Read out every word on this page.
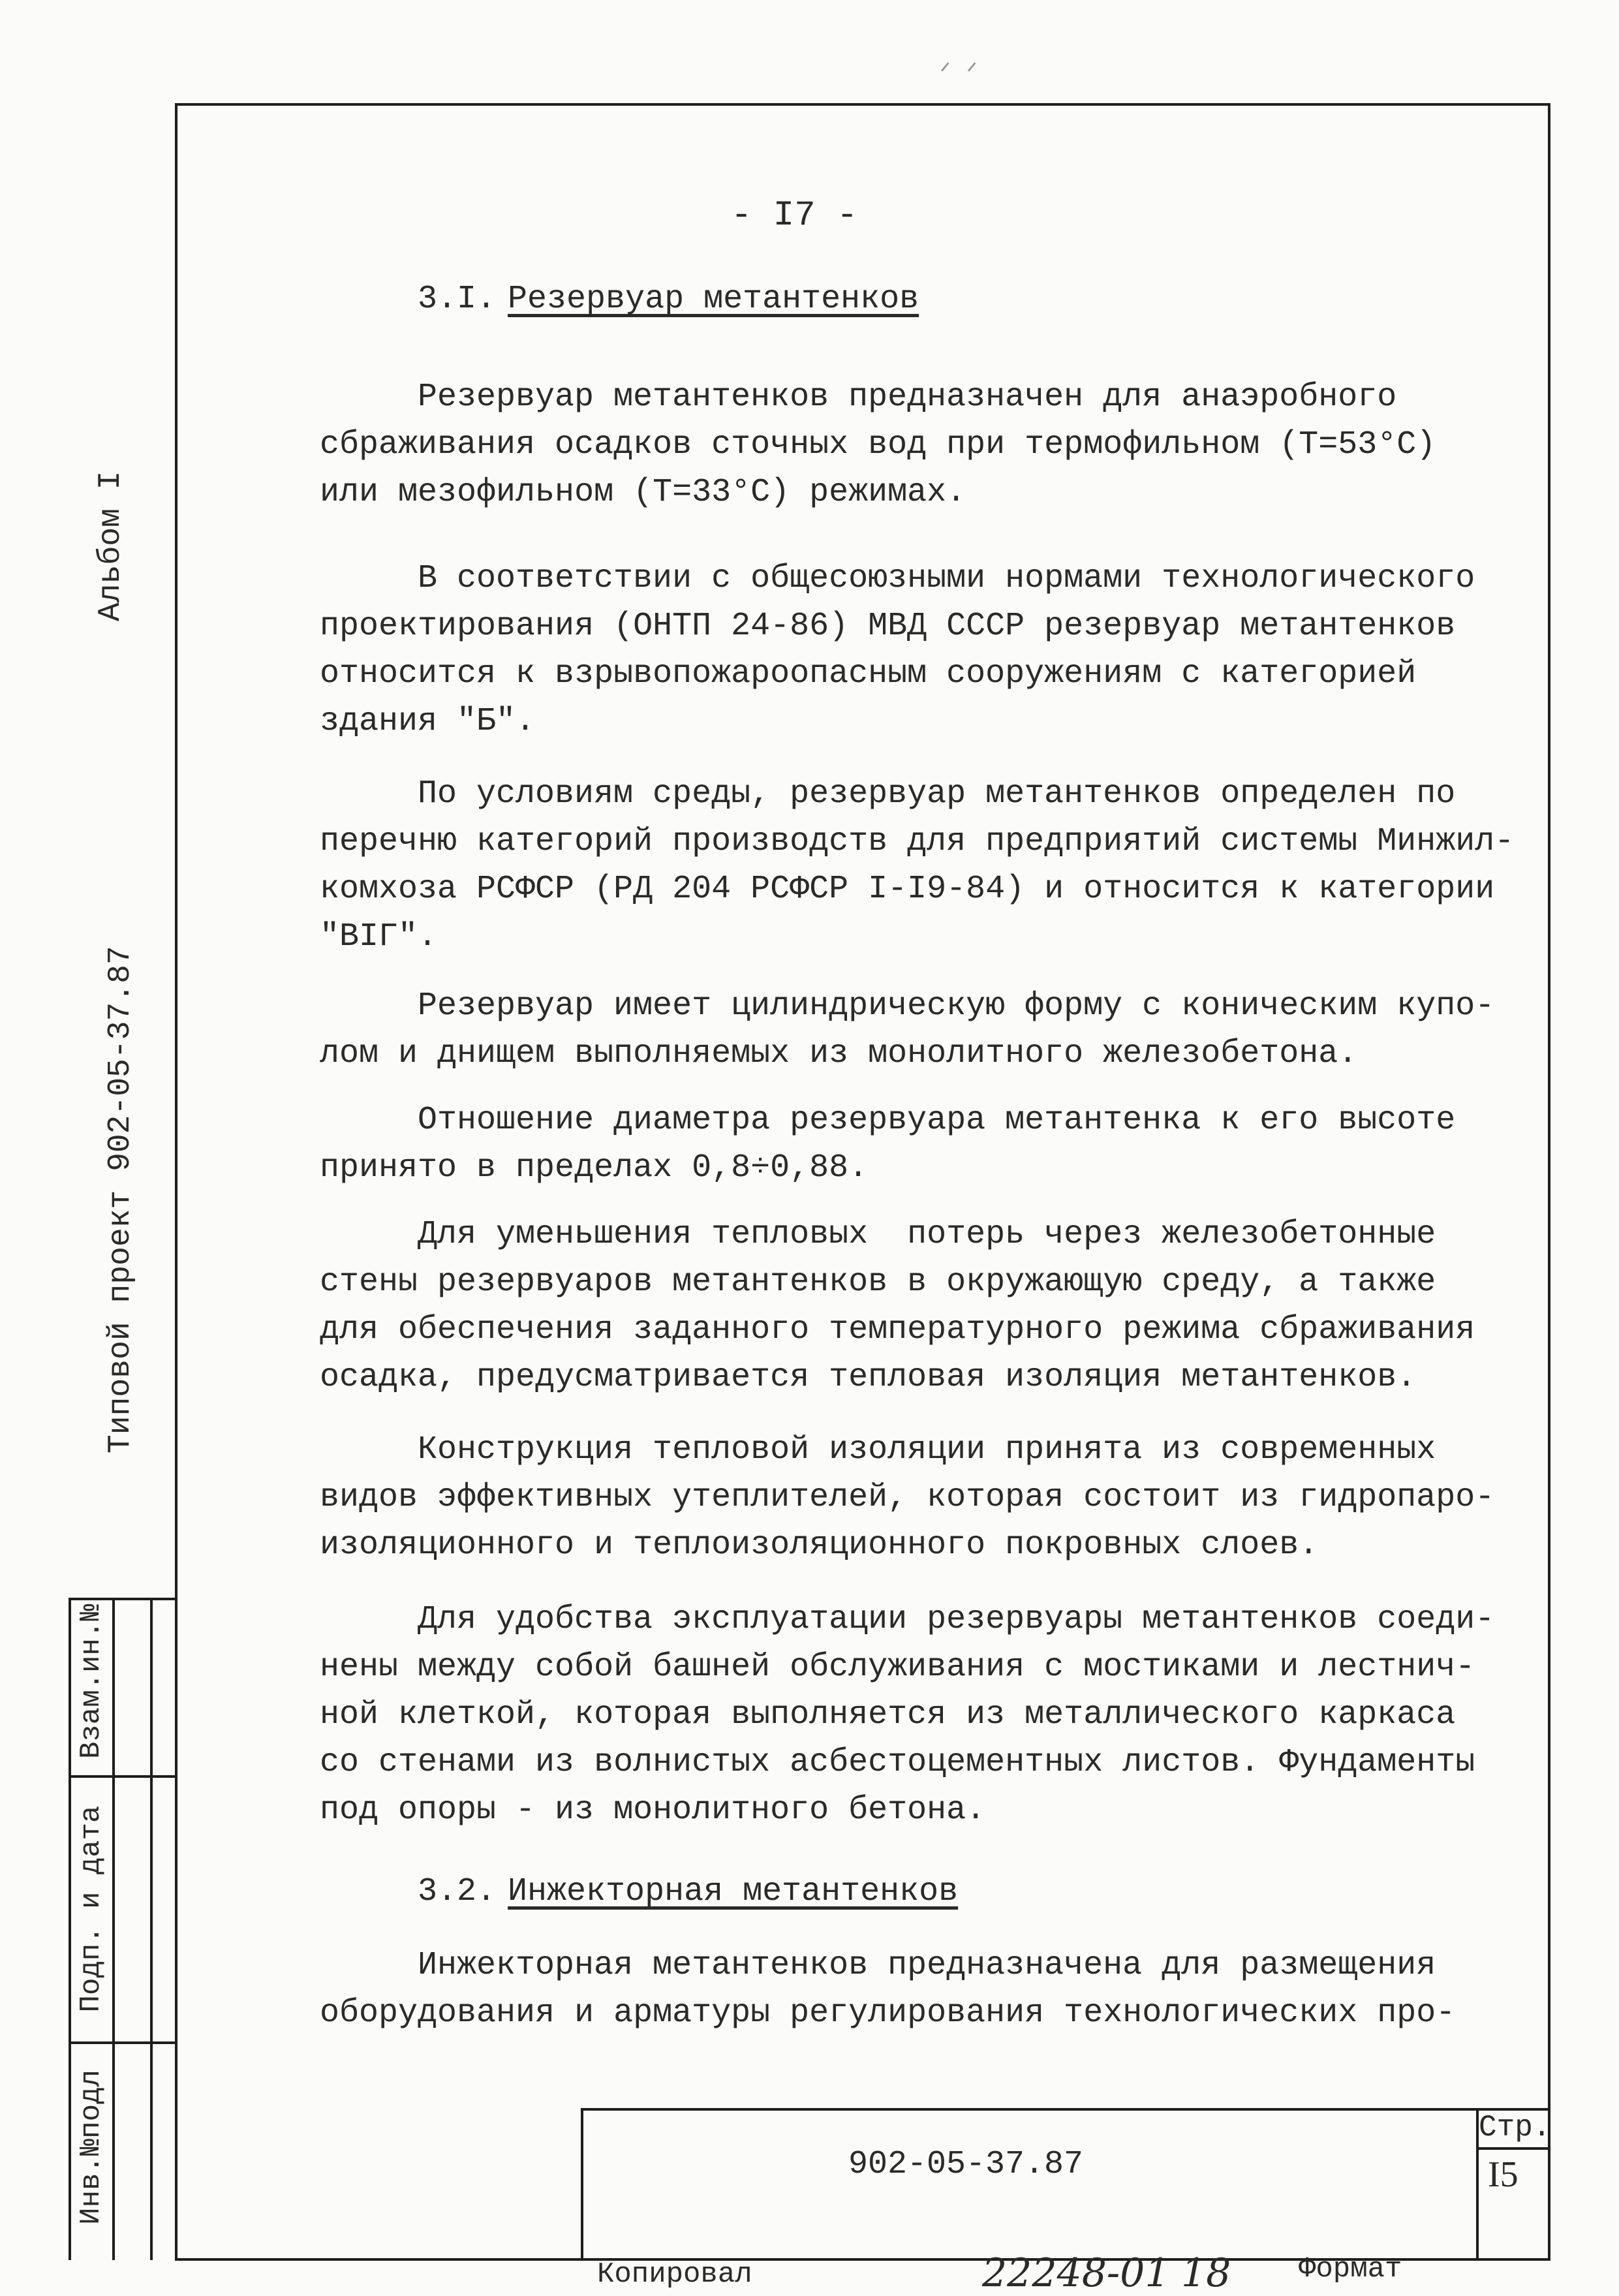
ᐟ ᐟ
- I7 -
Альбом I
Типовой проект 902-05-37.87
Взам.ин.№
Подп. и дата
Инв.№подл
3.I. Резервуар метантенков
Резервуар метантенков предназначен для анаэробного
сбраживания осадков сточных вод при термофильном (Т=53°С)
или мезофильном (Т=33°С) режимах.
В соответствии с общесоюзными нормами технологического
проектирования (ОНТП 24-86) МВД СССР резервуар метантенков
относится к взрывопожароопасным сооружениям с категорией
здания "Б".
По условиям среды, резервуар метантенков определен по
перечню категорий производств для предприятий системы Минжил-
комхоза РСФСР (РД 204 РСФСР I-I9-84) и относится к категории
"ВIГ".
Резервуар имеет цилиндрическую форму с коническим купо-
лом и днищем выполняемых из монолитного железобетона.
Отношение диаметра резервуара метантенка к его высоте
принято в пределах 0,8÷0,88.
Для уменьшения тепловых  потерь через железобетонные
стены резервуаров метантенков в окружающую среду, а также
для обеспечения заданного температурного режима сбраживания
осадка, предусматривается тепловая изоляция метантенков.
Конструкция тепловой изоляции принята из современных
видов эффективных утеплителей, которая состоит из гидропаро-
изоляционного и теплоизоляционного покровных слоев.
Для удобства эксплуатации резервуары метантенков соеди-
нены между собой башней обслуживания с мостиками и лестнич-
ной клеткой, которая выполняется из металлического каркаса
со стенами из волнистых асбестоцементных листов. Фундаменты
под опоры - из монолитного бетона.
3.2. Инжекторная метантенков
Инжекторная метантенков предназначена для размещения
оборудования и арматуры регулирования технологических про-
902-05-37.87
Стр.
I5
Копировал	22248-01 18 Формат
